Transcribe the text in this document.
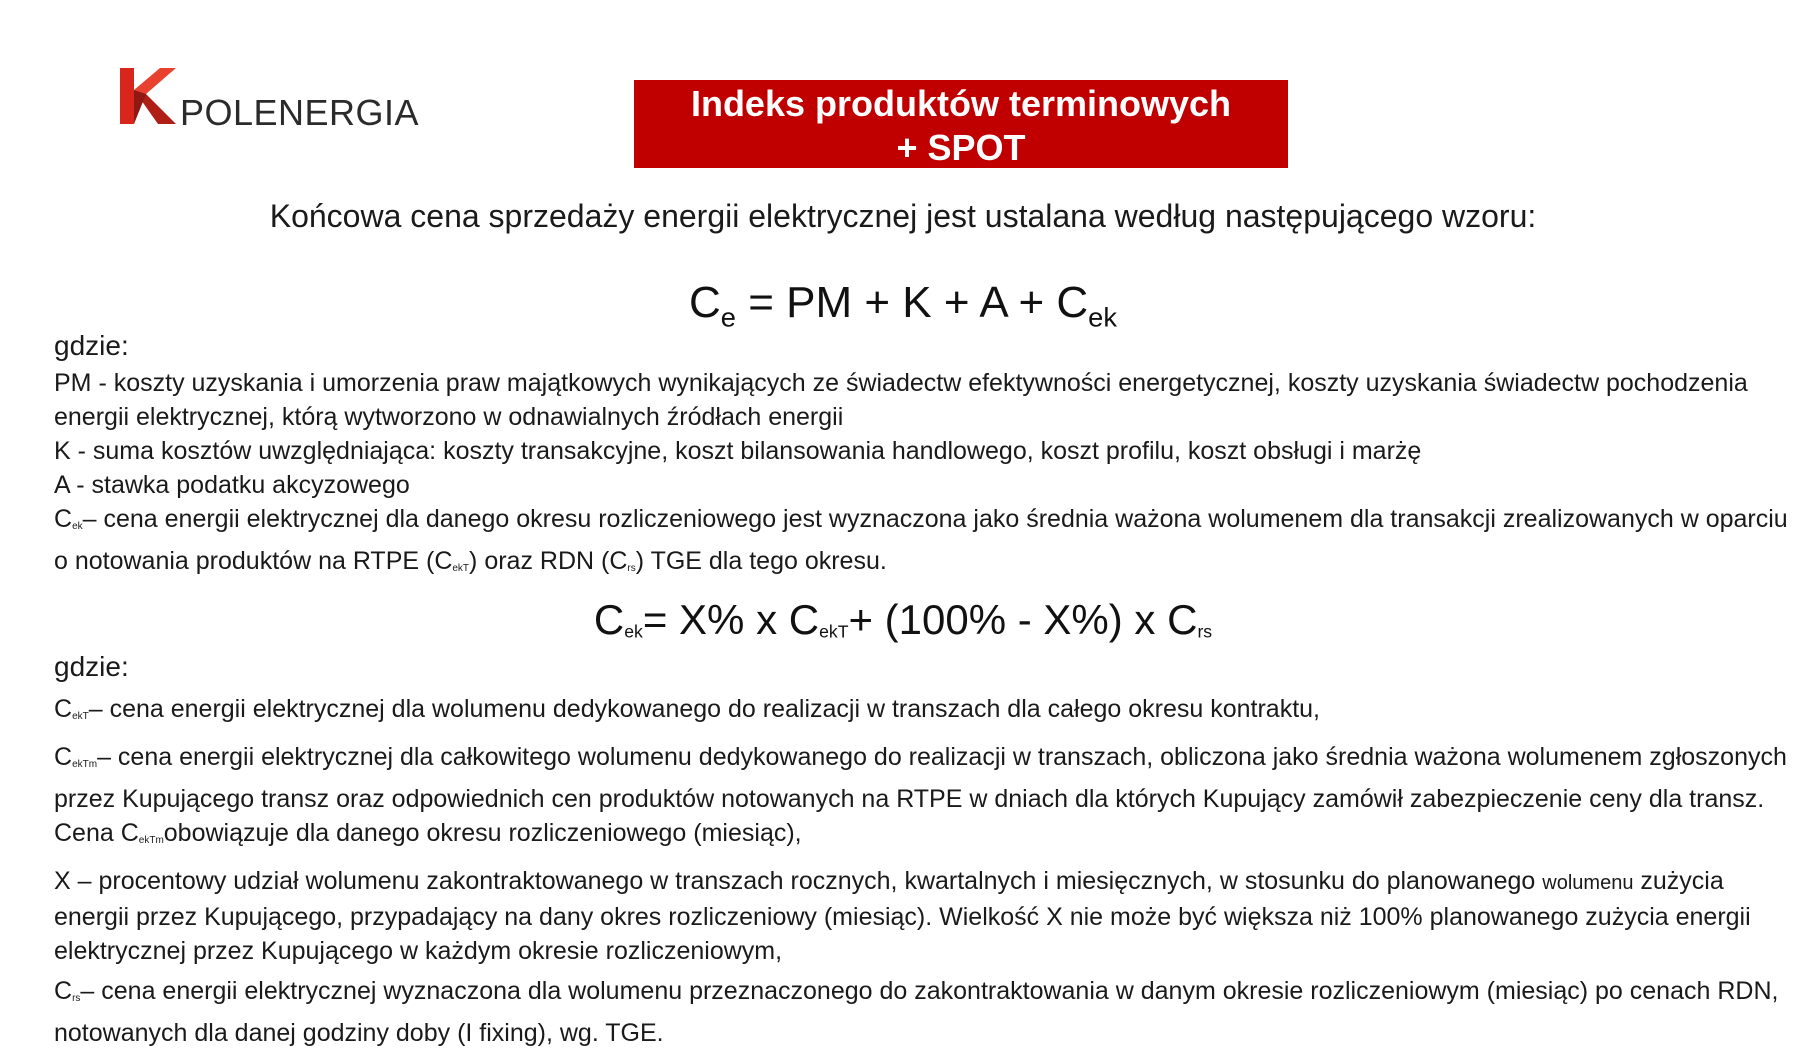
POLENERGIA	Indeks produktów terminowych
+ SPOT
Końcowa cena sprzedaży energii elektrycznej jest ustalana według następującego wzoru:
$C_e$ = PM + $K + A + C_{ek}$
gdzie:

PM - koszty uzyskania i umorzenia praw majątkowych wynikających ze świadectw efektywności energetycznej, koszty uzyskania świadectw pochodzenia energii elektrycznej, którą wytworzono w odnawialnych źródłach energii

K - suma kosztów uwzględniająca: koszty transakcyjne, koszt bilansowania handlowego, koszt profilu, koszt obsługi i marżę

A - stawka podatku akcyzowego

Cek– cena energii elektrycznej dla danego okresu rozliczeniowego jest wyznaczona jako średnia ważona wolumenem dla transakcji zrealizowanych w oparciu o notowania produktów na RTPE (CekT) oraz RDN (Crs) TGE dla tego okresu.

Cek= X% x CekT+ (100% - X%) x Crs
gdzie:

CekT– cena energii elektrycznej dla wolumenu dedykowanego do realizacji w transzach dla całego okresu kontraktu,

CekTm– cena energii elektrycznej dla całkowitego wolumenu dedykowanego do realizacji w transzach, obliczona jako średnia ważona wolumenem zgłoszonych przez Kupującego transz oraz odpowiednich cen produktów notowanych na RTPE w dniach dla których Kupujący zamówił zabezpieczenie ceny dla transz. Cena CekTmobowiązuje dla danego okresu rozliczeniowego (miesiąc),

X – procentowy udział wolumenu zakontraktowanego w transzach rocznych, kwartalnych i miesięcznych, w stosunku do planowanego wolumenu zużycia energii przez Kupującego, przypadający na dany okres rozliczeniowy (miesiąc). Wielkość X nie może być większa niż 100% planowanego zużycia energii elektrycznej przez Kupującego w każdym okresie rozliczeniowym,

Crs– cena energii elektrycznej wyznaczona dla wolumenu przeznaczonego do zakontraktowania w danym okresie rozliczeniowym (miesiąc) po cenach RDN, notowanych dla danej godziny doby (I fixing), wg. TGE.
